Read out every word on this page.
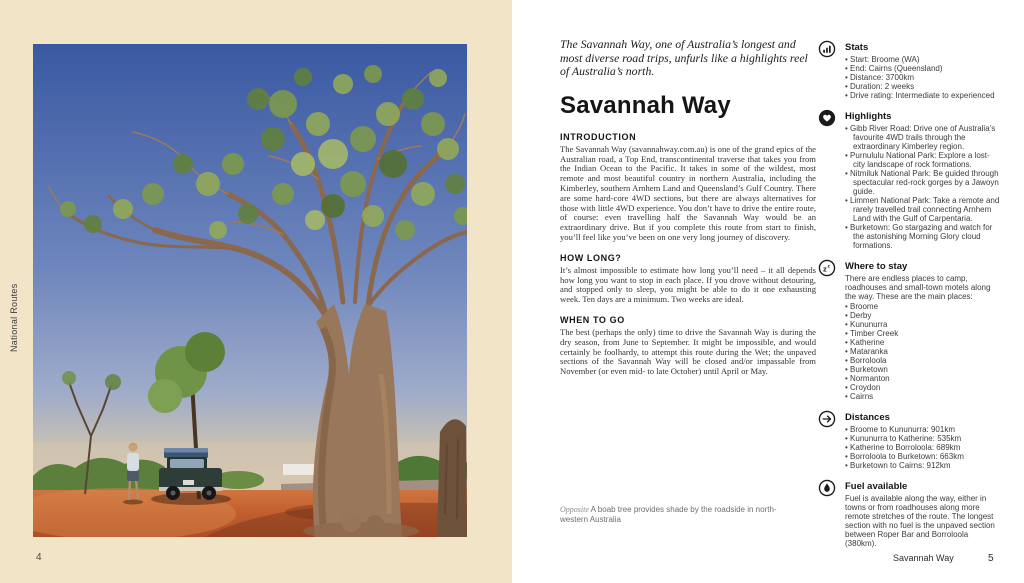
National Routes
4

The Savannah Way, one of Australia’s longest and most diverse road trips, unfurls like a highlights reel of Australia’s north.

Savannah Way
INTRODUCTION

The Savannah Way (savannahway.com.au) is one of the grand epics of the Australian road, a Top End, transcontinental traverse that takes you from the Indian Ocean to the Pacific. It takes in some of the wildest, most remote and most beautiful country in northern Australia, including the Kimberley, southern Arnhem Land and Queensland’s Gulf Country. There are some hard-core 4WD sections, but there are always alternatives for those with little 4WD experience. You don’t have to drive the entire route, of course: even travelling half the Savannah Way would be an extraordinary drive. But if you complete this route from start to finish, you’ll feel like you’ve been on one very long journey of discovery.

HOW LONG?

It’s almost impossible to estimate how long you’ll need – it all depends how long you want to stop in each place. If you drove without detouring, and stopped only to sleep, you might be able to do it one exhausting week. Ten days are a minimum. Two weeks are ideal.

WHEN TO GO

The best (perhaps the only) time to drive the Savannah Way is during the dry season, from June to September. It might be impossible, and would certainly be foolhardy, to attempt this route during the Wet; the unpaved sections of the Savannah Way will be closed and/or impassable from November (or even mid- to late October) until April or May.

Stats
• Start: Broome (WA)
• End: Cairns (Queensland)
• Distance: 3700km
• Duration: 2 weeks
• Drive rating: Intermediate to experienced
Highlights
• Gibb River Road: Drive one of Australia’s favourite 4WD trails through the extraordinary Kimberley region.
• Purnululu National Park: Explore a lost-city landscape of rock formations.
• Nitmiluk National Park: Be guided through spectacular red-rock gorges by a Jawoyn guide.
• Limmen National Park: Take a remote and rarely travelled trail connecting Arnhem Land with the Gulf of Carpentaria.
• Burketown: Go stargazing and watch for the astonishing Morning Glory cloud formations.
z z Where to stay

There are endless places to camp, roadhouses and small-town motels along the way. These are the main places:

• Broome
• Derby
• Kununurra
• Timber Creek
• Katherine
• Mataranka
• Borroloola
• Burketown
• Normanton
• Croydon
• Cairns
Distances
• Broome to Kununurra: 901km
• Kununurra to Katherine: 535km
• Katherine to Borroloola: 689km
• Borroloola to Burketown: 663km
• Burketown to Cairns: 912km
Fuel available

Fuel is available along the way, either in towns or from roadhouses along more remote stretches of the route. The longest section with no fuel is the unpaved section between Roper Bar and Borroloola (380km).

Opposite A boab tree provides shade by the roadside in north-western Australia
Savannah Way	5
